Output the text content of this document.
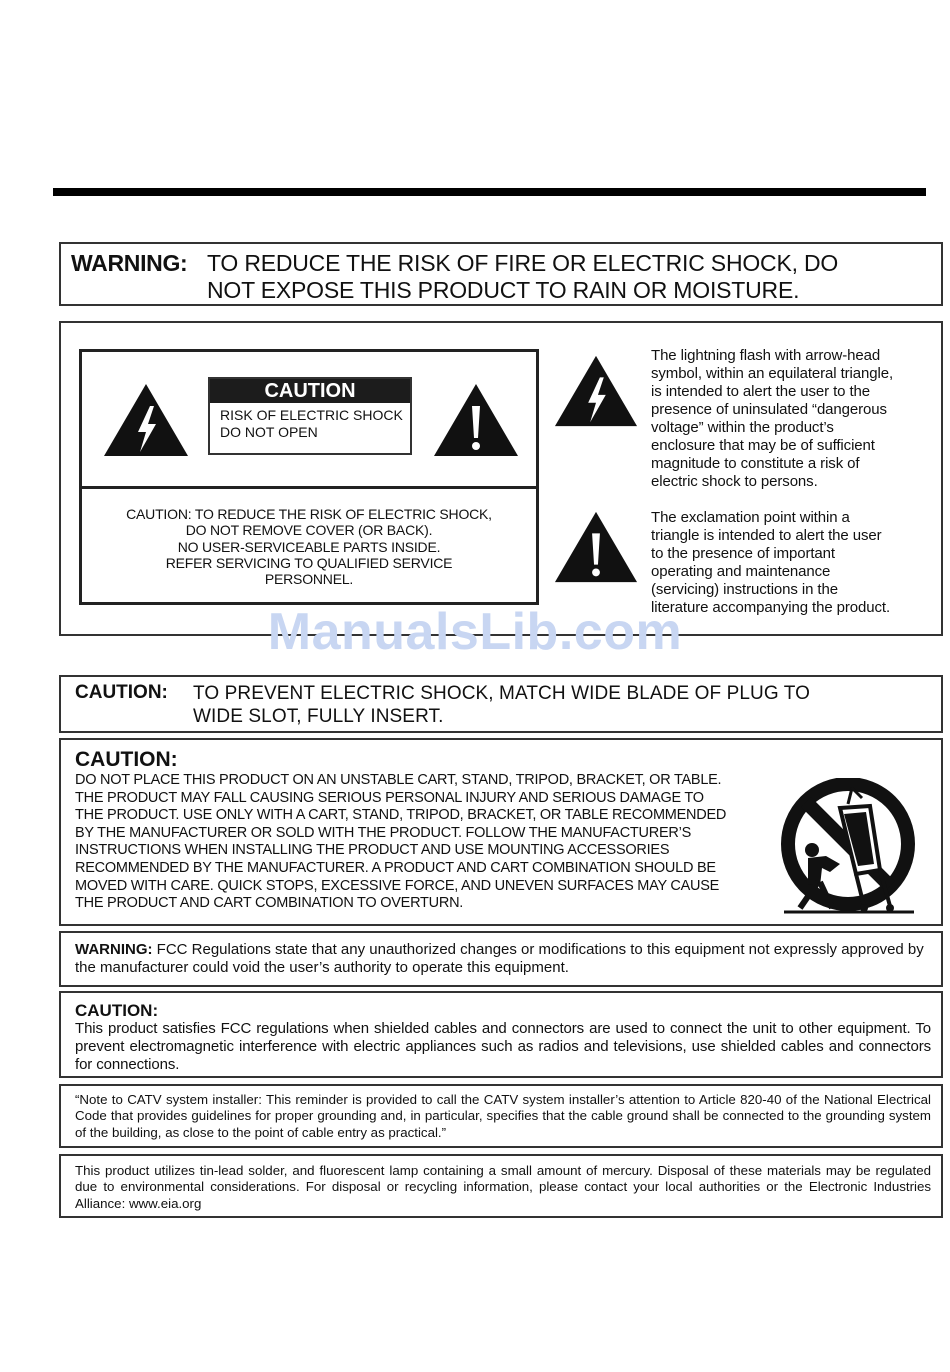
WARNING: TO REDUCE THE RISK OF FIRE OR ELECTRIC SHOCK, DO
NOT EXPOSE THIS PRODUCT TO RAIN OR MOISTURE.
CAUTION
RISK OF ELECTRIC SHOCK
DO NOT OPEN
CAUTION: TO REDUCE THE RISK OF ELECTRIC SHOCK,
DO NOT REMOVE COVER (OR BACK).
NO USER-SERVICEABLE PARTS INSIDE.
REFER SERVICING TO QUALIFIED SERVICE
PERSONNEL.
The lightning flash with arrow-head
symbol, within an equilateral triangle,
is intended to alert the user to the
presence of uninsulated “dangerous
voltage” within the product’s
enclosure that may be of sufficient
magnitude to constitute a risk of
electric shock to persons.
The exclamation point within a
triangle is intended to alert the user
to the presence of important
operating and maintenance
(servicing) instructions in the
literature accompanying the product.
ManualsLib.com
CAUTION: TO PREVENT ELECTRIC SHOCK, MATCH WIDE BLADE OF PLUG TO
WIDE SLOT, FULLY INSERT.
CAUTION:
DO NOT PLACE THIS PRODUCT ON AN UNSTABLE CART, STAND, TRIPOD, BRACKET, OR TABLE.
THE PRODUCT MAY FALL CAUSING SERIOUS PERSONAL INJURY AND SERIOUS DAMAGE TO
THE PRODUCT. USE ONLY WITH A CART, STAND, TRIPOD, BRACKET, OR TABLE RECOMMENDED
BY THE MANUFACTURER OR SOLD WITH THE PRODUCT. FOLLOW THE MANUFACTURER’S
INSTRUCTIONS WHEN INSTALLING THE PRODUCT AND USE MOUNTING ACCESSORIES
RECOMMENDED BY THE MANUFACTURER. A PRODUCT AND CART COMBINATION SHOULD BE
MOVED WITH CARE. QUICK STOPS, EXCESSIVE FORCE, AND UNEVEN SURFACES MAY CAUSE
THE PRODUCT AND CART COMBINATION TO OVERTURN.
WARNING: FCC Regulations state that any unauthorized changes or modifications to this equipment not expressly approved by the manufacturer could void the user’s authority to operate this equipment.
CAUTION:
This product satisfies FCC regulations when shielded cables and connectors are used to connect the unit to other equipment. To prevent electromagnetic interference with electric appliances such as radios and televisions, use shielded cables and connectors for connections.
“Note to CATV system installer: This reminder is provided to call the CATV system installer’s attention to Article 820-40 of the National Electrical Code that provides guidelines for proper grounding and, in particular, specifies that the cable ground shall be connected to the grounding system of the building, as close to the point of cable entry as practical.”
This product utilizes tin-lead solder, and fluorescent lamp containing a small amount of mercury. Disposal of these materials may be regulated due to environmental considerations. For disposal or recycling information, please contact your local authorities or the Electronic Industries Alliance: www.eia.org
